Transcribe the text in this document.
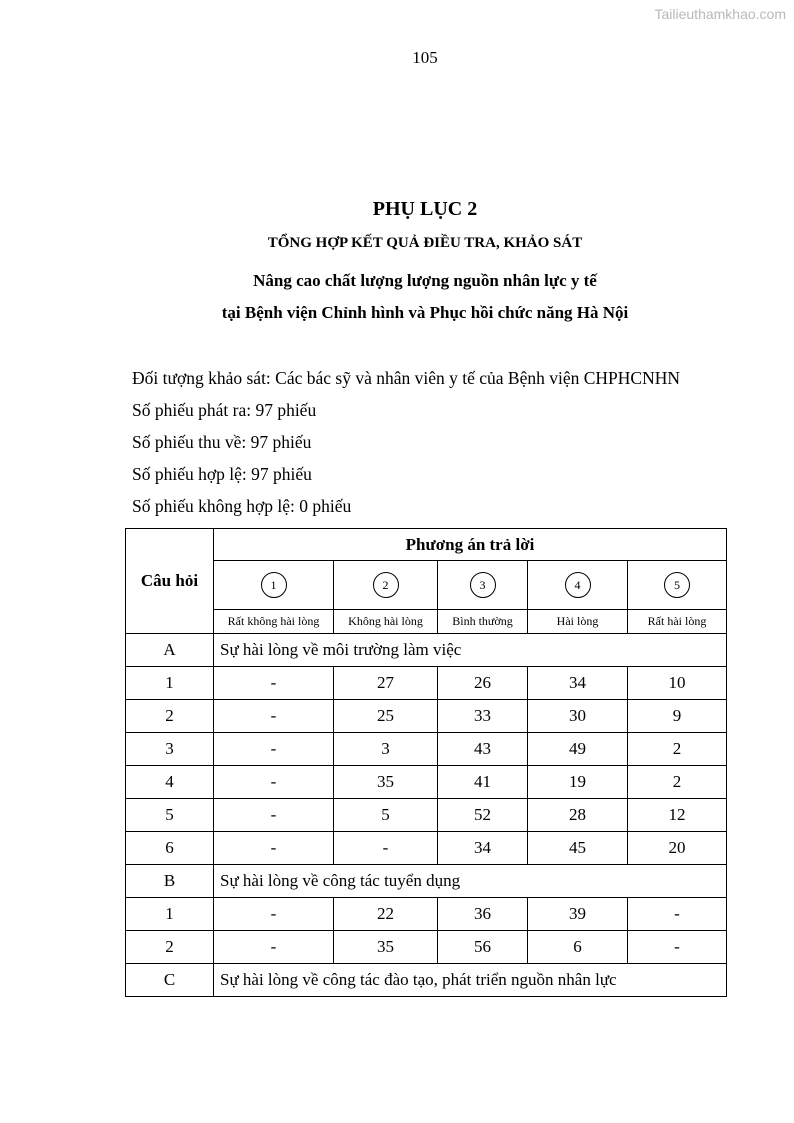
Tailieuthamkhao.com
105
PHỤ LỤC 2
TỔNG HỢP KẾT QUẢ ĐIỀU TRA, KHẢO SÁT
Nâng cao chất lượng lượng nguồn nhân lực y tế
tại Bệnh viện Chỉnh hình và Phục hồi chức năng Hà Nội
Đối tượng khảo sát: Các bác sỹ và nhân viên y tế của Bệnh viện CHPHCNHN
Số phiếu phát ra: 97 phiếu
Số phiếu thu về: 97 phiếu
Số phiếu hợp lệ: 97 phiếu
Số phiếu không hợp lệ: 0 phiếu
Câu hỏi	Phương án trả lời				
	1	2	3	4	5
	Rất không hài lòng	Không hài lòng	Bình thường	Hài lòng	Rất hài lòng
A	Sự hài lòng về môi trường làm việc				
1	-	27	26	34	10
2	-	25	33	30	9
3	-	3	43	49	2
4	-	35	41	19	2
5	-	5	52	28	12
6	-	-	34	45	20
B	Sự hài lòng về công tác tuyển dụng				
1	-	22	36	39	-
2	-	35	56	6	-
C	Sự hài lòng về công tác đào tạo, phát triển nguồn nhân lực				
